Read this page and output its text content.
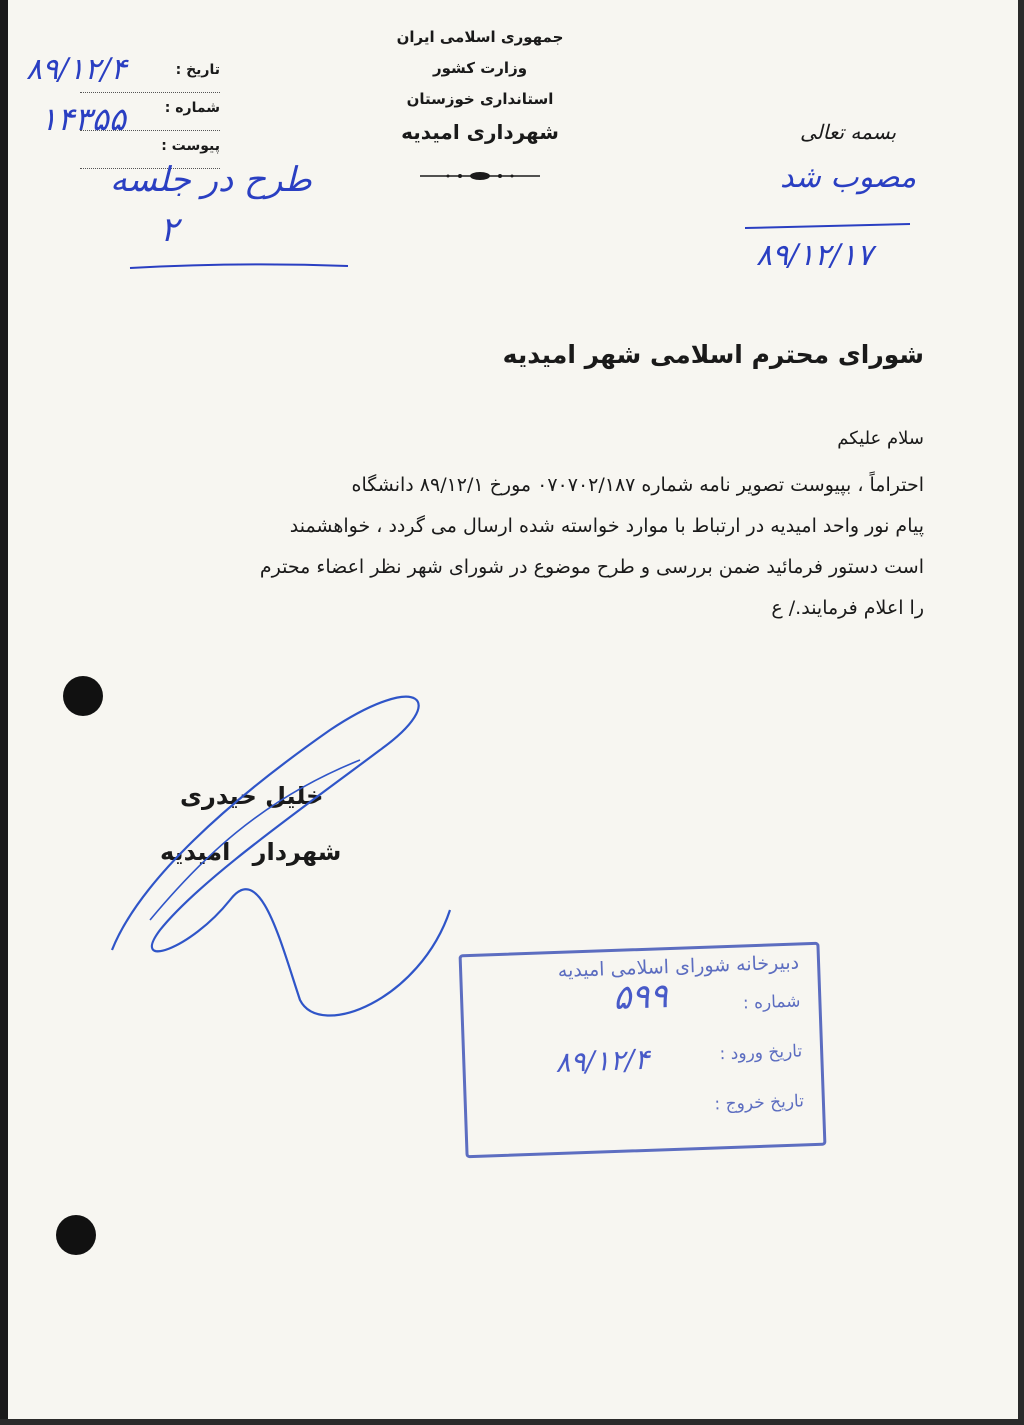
جمهوری اسلامی ایران
وزارت کشور
استانداری خوزستان
شهرداری امیدیه
تاریخ :
شماره :
پیوست :
۸۹/۱۲/۴
۱۴۳۵۵
طرح در جلسه
۲
بسمه تعالی
مصوب شد
۸۹/۱۲/۱۷
شورای محترم اسلامی شهر امیدیه
سلام علیکم
احتراماً ، بپیوست تصویر نامه شماره ۰۷۰۷۰۲/۱۸۷ مورخ ۸۹/۱۲/۱ دانشگاه
پیام نور واحد امیدیه در ارتباط با موارد خواسته شده ارسال می گردد ، خواهشمند
است دستور فرمائید ضمن بررسی و طرح موضوع در شورای شهر نظر اعضاء محترم
را اعلام فرمایند./ ع
خلیل حیدری
شهردار امیدیه
دبیرخانه شورای اسلامی امیدیه
شماره :
۵۹۹
تاریخ ورود :
۸۹/۱۲/۴
تاریخ خروج :
